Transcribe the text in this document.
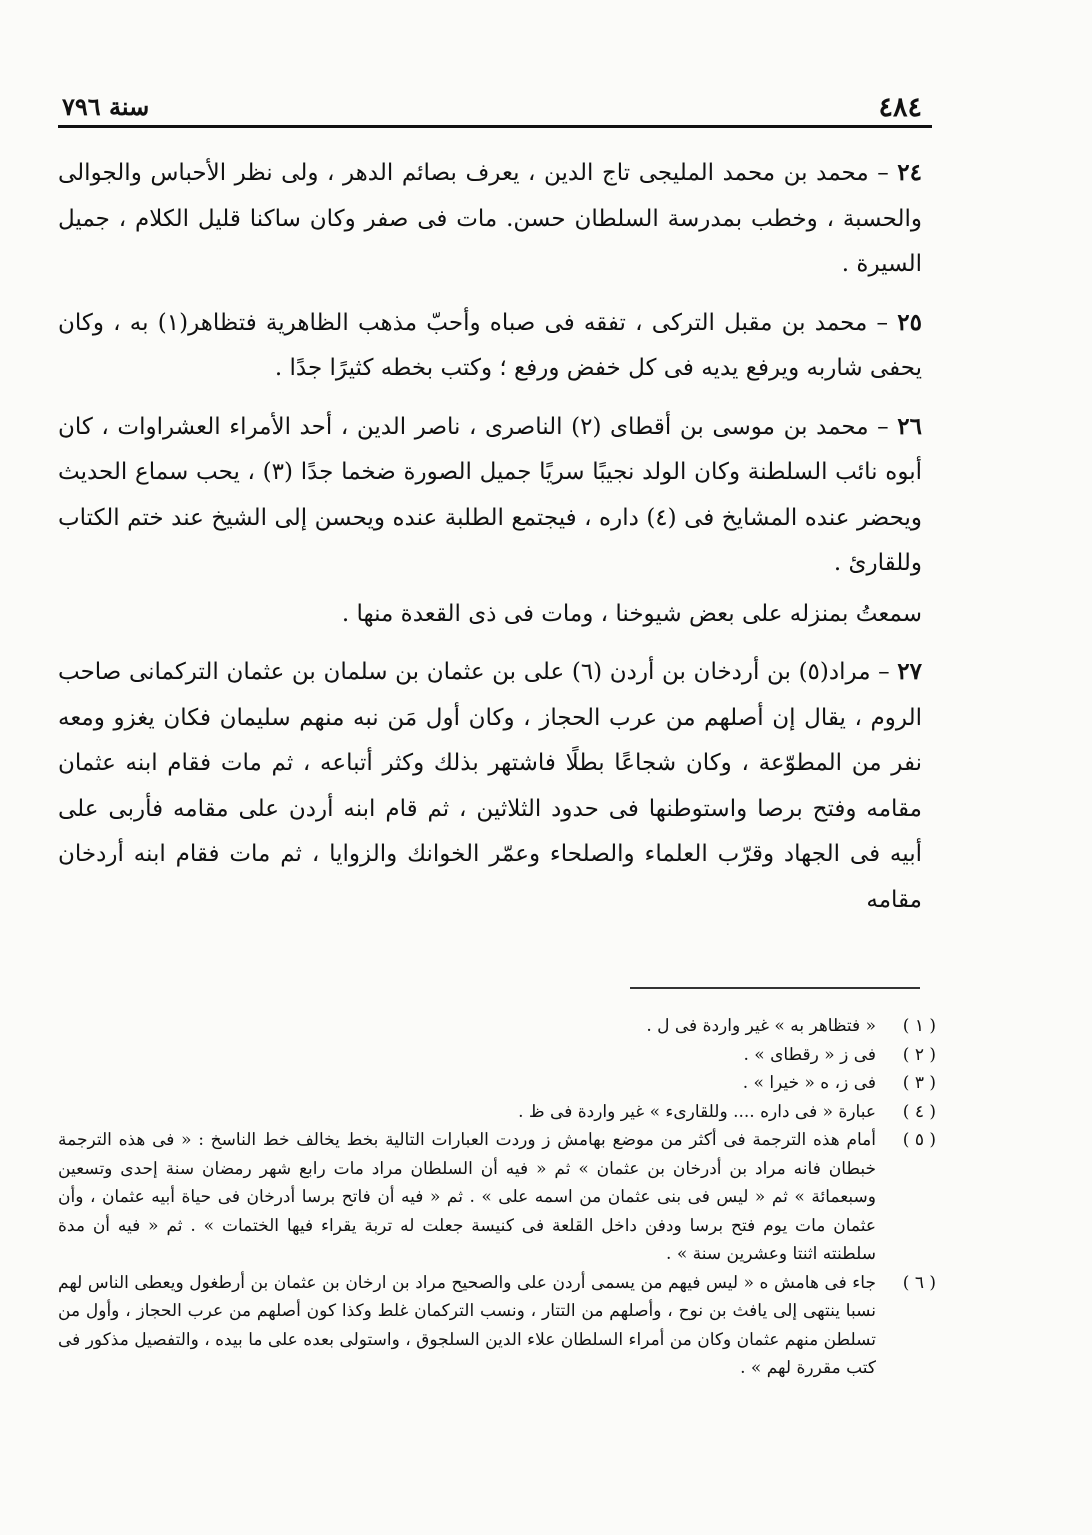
٤٨٤
سنة ٧٩٦

٢٤ – محمد بن محمد المليجى تاج الدين ، يعرف بصائم الدهر ، ولى نظر الأحباس والجوالى والحسبة ، وخطب بمدرسة السلطان حسن. مات فى صفر وكان ساكنا قليل الكلام ، جميل السيرة .

٢٥ – محمد بن مقبل التركى ، تفقه فى صباه وأحبّ مذهب الظاهرية فتظاهر(١) به ، وكان يحفى شاربه ويرفع يديه فى كل خفض ورفع ؛ وكتب بخطه كثيرًا جدًا .

٢٦ – محمد بن موسى بن أقطاى (٢) الناصرى ، ناصر الدين ، أحد الأمراء العشراوات ، كان أبوه نائب السلطنة وكان الولد نجيبًا سريًا جميل الصورة ضخما جدًا (٣) ، يحب سماع الحديث ويحضر عنده المشايخ فى (٤) داره ، فيجتمع الطلبة عنده ويحسن إلى الشيخ عند ختم الكتاب وللقارئ .

سمعتُ بمنزله على بعض شيوخنا ، ومات فى ذى القعدة منها .

٢٧ – مراد(٥) بن أردخان بن أردن (٦) على بن عثمان بن سلمان بن عثمان التركمانى صاحب الروم ، يقال إن أصلهم من عرب الحجاز ، وكان أول مَن نبه منهم سليمان فكان يغزو ومعه نفر من المطوّعة ، وكان شجاعًا بطلًا فاشتهر بذلك وكثر أتباعه ، ثم مات فقام ابنه عثمان مقامه وفتح برصا واستوطنها فى حدود الثلاثين ، ثم قام ابنه أردن على مقامه فأربى على أبيه فى الجهاد وقرّب العلماء والصلحاء وعمّر الخوانك والزوايا ، ثم مات فقام ابنه أردخان مقامه

( ١ )
« فتظاهر به » غير واردة فى ل .
( ٢ )
فى ز « رقطاى » .
( ٣ )
فى ز، ه « خيرا » .
( ٤ )
عبارة « فى داره .... وللقارىء » غير واردة فى ظ .
( ٥ )
أمام هذه الترجمة فى أكثر من موضع بهامش ز وردت العبارات التالية بخط يخالف خط الناسخ : « فى هذه الترجمة خبطان فانه مراد بن أدرخان بن عثمان » ثم « فيه أن السلطان مراد مات رابع شهر رمضان سنة إحدى وتسعين وسبعمائة » ثم « ليس فى بنى عثمان من اسمه على » . ثم « فيه أن فاتح برسا أدرخان فى حياة أبيه عثمان ، وأن عثمان مات يوم فتح برسا ودفن داخل القلعة فى كنيسة جعلت له تربة يقراء فيها الختمات » . ثم « فيه أن مدة سلطنته اثنتا وعشرين سنة » .
( ٦ )
جاء فى هامش ه « ليس فيهم من يسمى أردن على والصحيح مراد بن ارخان بن عثمان بن أرطغول ويعطى الناس لهم نسبا ينتهى إلى يافث بن نوح ، وأصلهم من التتار ، ونسب التركمان غلط وكذا كون أصلهم من عرب الحجاز ، وأول من تسلطن منهم عثمان وكان من أمراء السلطان علاء الدين السلجوق ، واستولى بعده على ما بيده ، والتفصيل مذكور فى كتب مقررة لهم » .
